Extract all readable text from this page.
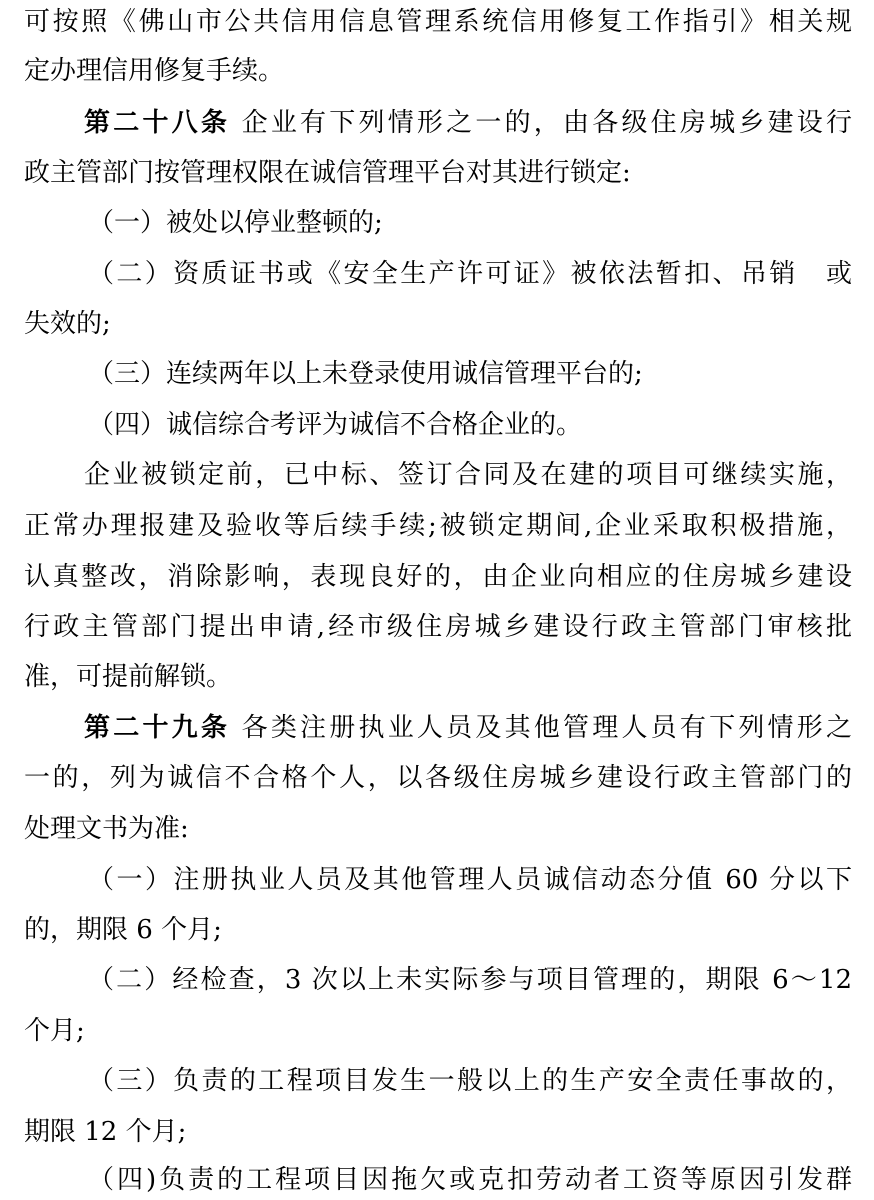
可按照《佛山市公共信用信息管理系统信用修复工作指引》相关规
定办理信用修复手续。
第二十八条 企业有下列情形之一的，由各级住房城乡建设行
政主管部门按管理权限在诚信管理平台对其进行锁定:
（一）被处以停业整顿的;
（二）资质证书或《安全生产许可证》被依法暂扣、吊销　或
失效的;
（三）连续两年以上未登录使用诚信管理平台的;
（四）诚信综合考评为诚信不合格企业的。
企业被锁定前，已中标、签订合同及在建的项目可继续实施，
正常办理报建及验收等后续手续;被锁定期间,企业采取积极措施，
认真整改，消除影响，表现良好的，由企业向相应的住房城乡建设
行政主管部门提出申请,经市级住房城乡建设行政主管部门审核批
准，可提前解锁。
第二十九条 各类注册执业人员及其他管理人员有下列情形之
一的，列为诚信不合格个人，以各级住房城乡建设行政主管部门的
处理文书为准:
（一）注册执业人员及其他管理人员诚信动态分值 60 分以下
的，期限 6 个月;
（二）经检查，3 次以上未实际参与项目管理的，期限 6～12
个月;
（三）负责的工程项目发生一般以上的生产安全责任事故的，
期限 12 个月;
（四)负责的工程项目因拖欠或克扣劳动者工资等原因引发群
